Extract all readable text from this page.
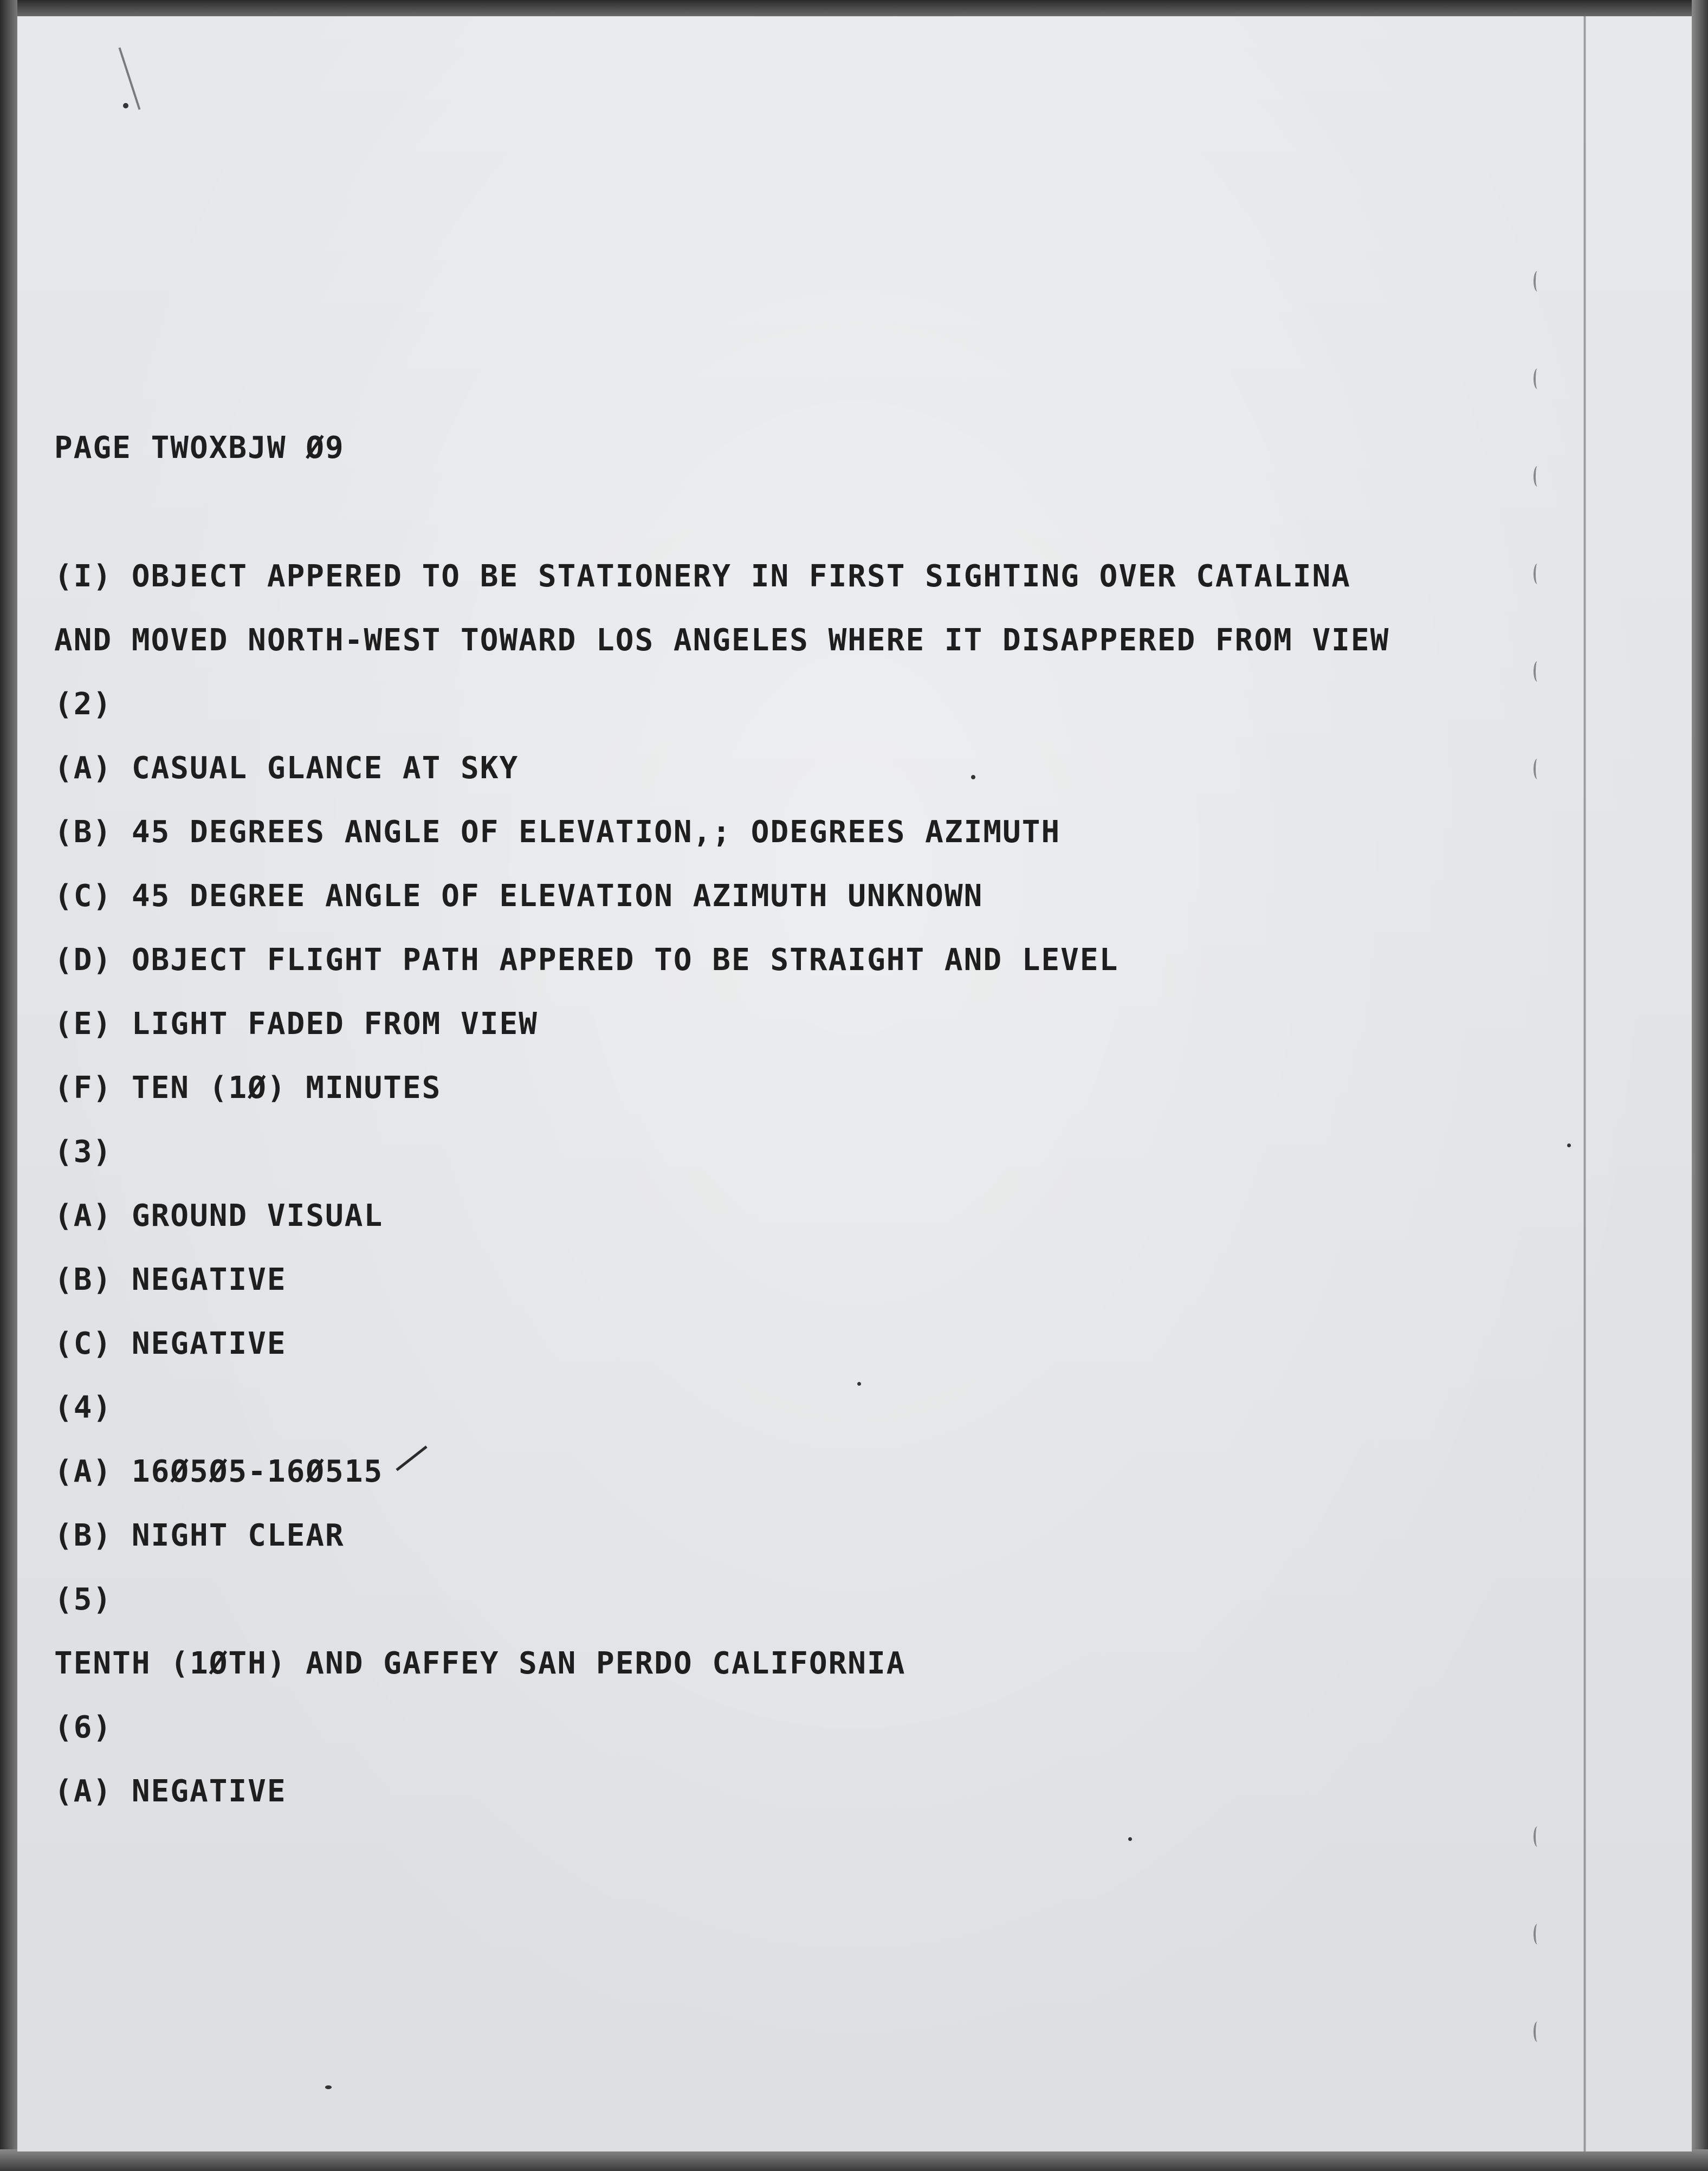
PAGE TWOXBJW Ø9
(I) OBJECT APPERED TO BE STATIONERY IN FIRST SIGHTING OVER CATALINA
AND MOVED NORTH-WEST TOWARD LOS ANGELES WHERE IT DISAPPERED FROM VIEW
(2)
(A) CASUAL GLANCE AT SKY
(B) 45 DEGREES ANGLE OF ELEVATION,; ODEGREES AZIMUTH
(C) 45 DEGREE ANGLE OF ELEVATION AZIMUTH UNKNOWN
(D) OBJECT FLIGHT PATH APPERED TO BE STRAIGHT AND LEVEL
(E) LIGHT FADED FROM VIEW
(F) TEN (1Ø) MINUTES
(3)
(A) GROUND VISUAL
(B) NEGATIVE
(C) NEGATIVE
(4)
(A) 16Ø5Ø5-16Ø515
(B) NIGHT CLEAR
(5)
TENTH (1ØTH) AND GAFFEY SAN PERDO CALIFORNIA
(6)
(A) NEGATIVE
